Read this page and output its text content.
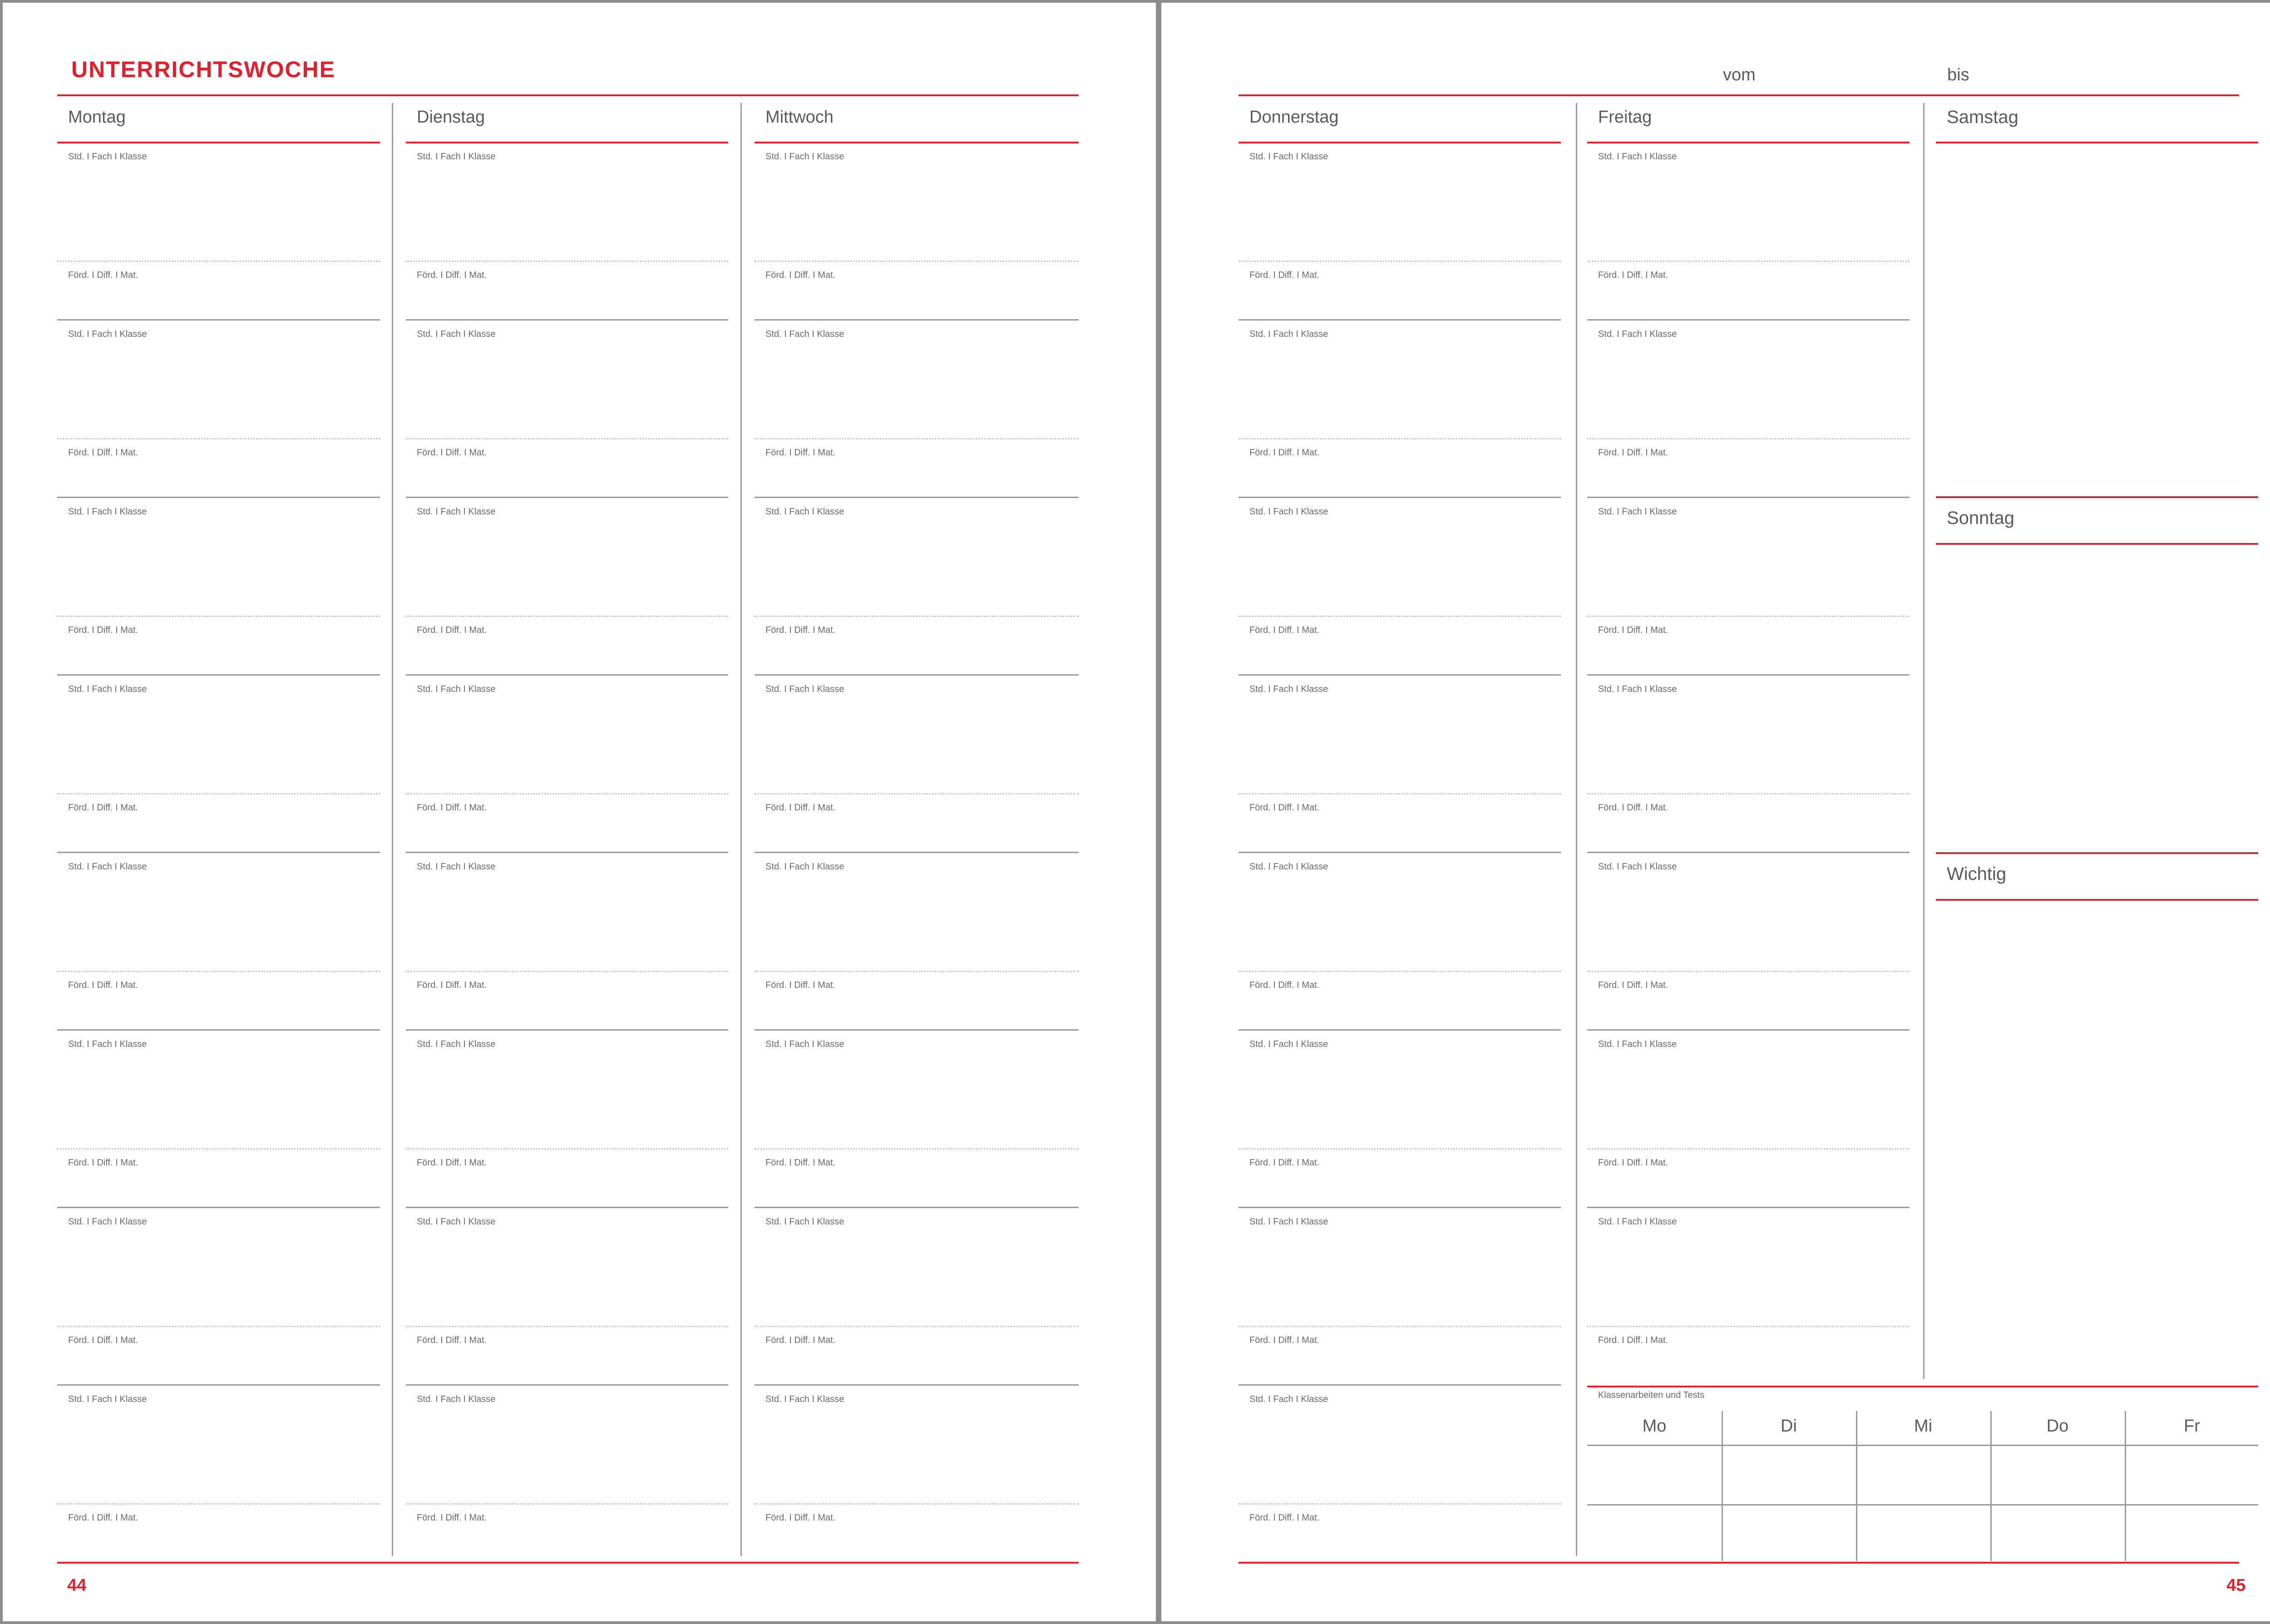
UNTERRICHTSWOCHE
Montag
Std. I Fach I Klasse
Förd. I Diff. I Mat.
Std. I Fach I Klasse
Förd. I Diff. I Mat.
Std. I Fach I Klasse
Förd. I Diff. I Mat.
Std. I Fach I Klasse
Förd. I Diff. I Mat.
Std. I Fach I Klasse
Förd. I Diff. I Mat.
Std. I Fach I Klasse
Förd. I Diff. I Mat.
Std. I Fach I Klasse
Förd. I Diff. I Mat.
Std. I Fach I Klasse
Förd. I Diff. I Mat.
Dienstag
Std. I Fach I Klasse
Förd. I Diff. I Mat.
Std. I Fach I Klasse
Förd. I Diff. I Mat.
Std. I Fach I Klasse
Förd. I Diff. I Mat.
Std. I Fach I Klasse
Förd. I Diff. I Mat.
Std. I Fach I Klasse
Förd. I Diff. I Mat.
Std. I Fach I Klasse
Förd. I Diff. I Mat.
Std. I Fach I Klasse
Förd. I Diff. I Mat.
Std. I Fach I Klasse
Förd. I Diff. I Mat.
Mittwoch
Std. I Fach I Klasse
Förd. I Diff. I Mat.
Std. I Fach I Klasse
Förd. I Diff. I Mat.
Std. I Fach I Klasse
Förd. I Diff. I Mat.
Std. I Fach I Klasse
Förd. I Diff. I Mat.
Std. I Fach I Klasse
Förd. I Diff. I Mat.
Std. I Fach I Klasse
Förd. I Diff. I Mat.
Std. I Fach I Klasse
Förd. I Diff. I Mat.
Std. I Fach I Klasse
Förd. I Diff. I Mat.
44
vom	bis
Donnerstag
Std. I Fach I Klasse
Förd. I Diff. I Mat.
Std. I Fach I Klasse
Förd. I Diff. I Mat.
Std. I Fach I Klasse
Förd. I Diff. I Mat.
Std. I Fach I Klasse
Förd. I Diff. I Mat.
Std. I Fach I Klasse
Förd. I Diff. I Mat.
Std. I Fach I Klasse
Förd. I Diff. I Mat.
Std. I Fach I Klasse
Förd. I Diff. I Mat.
Std. I Fach I Klasse
Förd. I Diff. I Mat.
Freitag
Std. I Fach I Klasse
Förd. I Diff. I Mat.
Std. I Fach I Klasse
Förd. I Diff. I Mat.
Std. I Fach I Klasse
Förd. I Diff. I Mat.
Std. I Fach I Klasse
Förd. I Diff. I Mat.
Std. I Fach I Klasse
Förd. I Diff. I Mat.
Std. I Fach I Klasse
Förd. I Diff. I Mat.
Std. I Fach I Klasse
Förd. I Diff. I Mat.
Samstag
Sonntag
Wichtig
Klassenarbeiten und Tests
Mo	Di	Mi	Do	Fr
45
